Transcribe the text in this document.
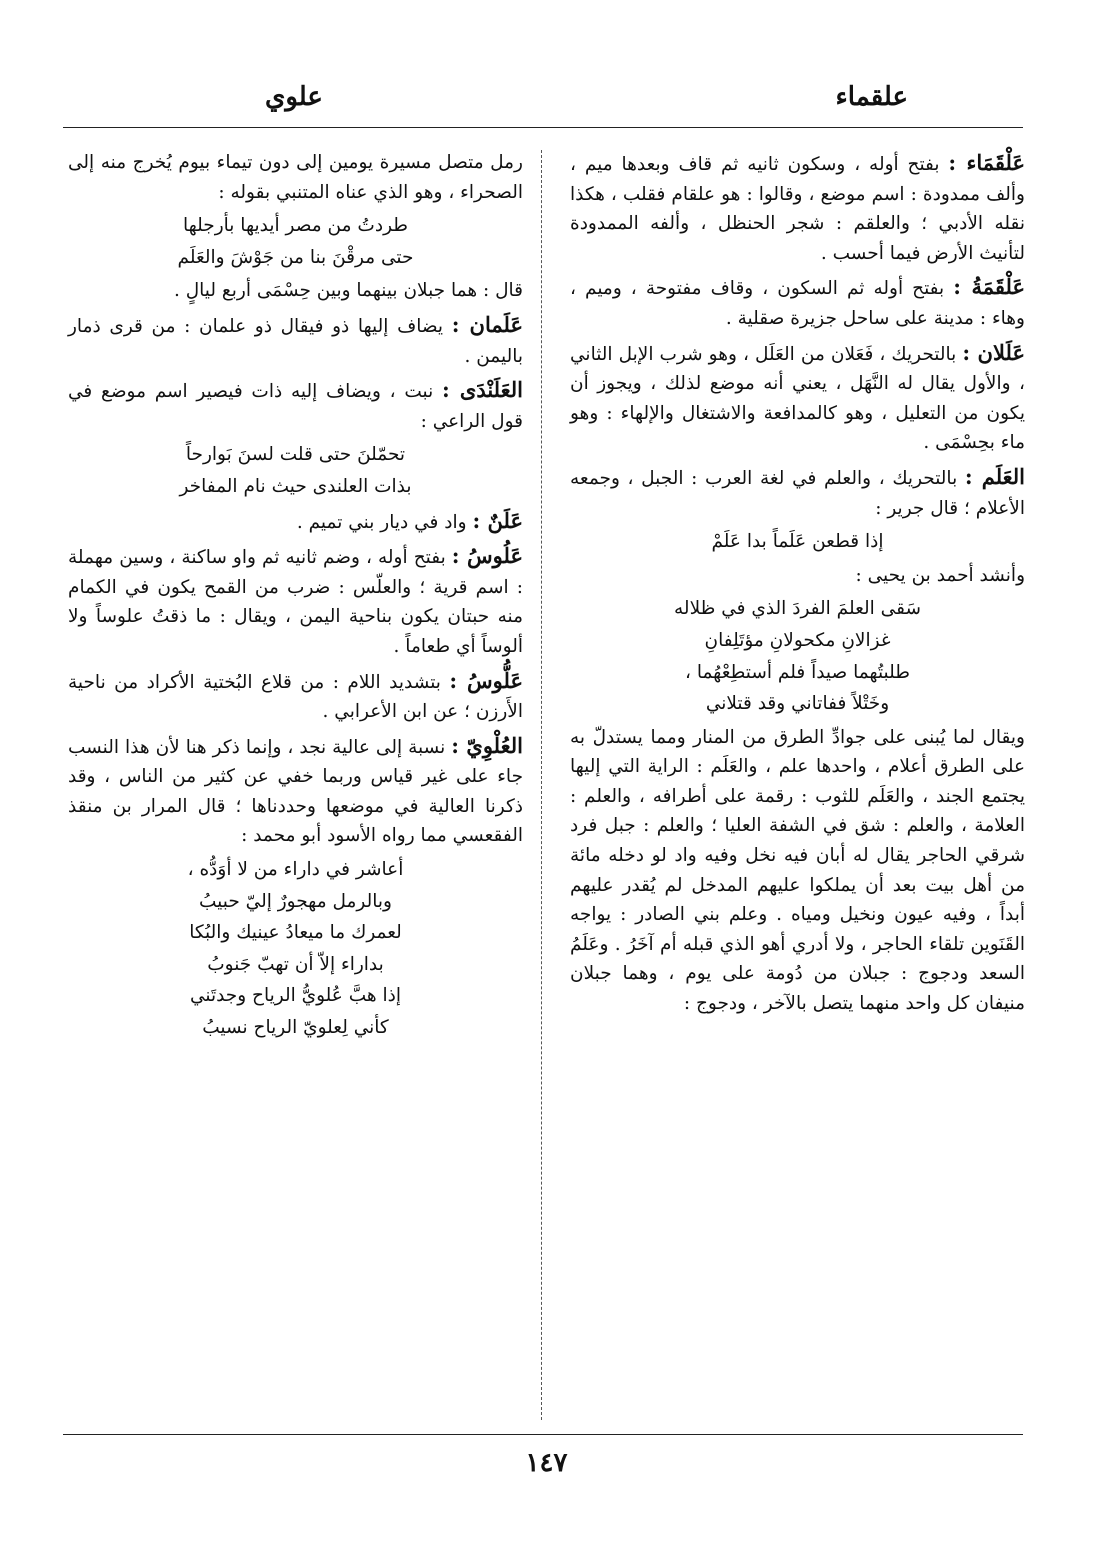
علقماء
علوي

عَلْقَمَاء : بفتح أوله ، وسكون ثانيه ثم قاف وبعدها ميم ، وألف ممدودة : اسم موضع ، وقالوا : هو علقام فقلب ، هكذا نقله الأدبي ؛ والعلقم : شجر الحنظل ، وألفه الممدودة لتأنيث الأرض فيما أحسب .

عَلْقَمَةُ : بفتح أوله ثم السكون ، وقاف مفتوحة ، وميم ، وهاء : مدينة على ساحل جزيرة صقلية .

عَلَلان : بالتحريك ، فَعَلان من العَلَل ، وهو شرب الإبل الثاني ، والأول يقال له النَّهَل ، يعني أنه موضع لذلك ، ويجوز أن يكون من التعليل ، وهو كالمدافعة والاشتغال والإلهاء : وهو ماء بحِسْمَى .

العَلَم : بالتحريك ، والعلم في لغة العرب : الجبل ، وجمعه الأعلام ؛ قال جرير :

إذا قطعن عَلَماً بدا عَلَمْ

وأنشد أحمد بن يحيى :

سَقى العلمَ الفردَ الذي في ظلاله
غزالانِ مكحولانِ مؤتَلِفانِ
طلبتُهما صيداً فلم أستطِعْهُما ،
وخَتْلاً ففاتاني وقد قتلاني

ويقال لما يُبنى على جوادِّ الطرق من المنار ومما يستدلّ به على الطرق أعلام ، واحدها علم ، والعَلَم : الراية التي إليها يجتمع الجند ، والعَلَم للثوب : رقمة على أطرافه ، والعلم : العلامة ، والعلم : شق في الشفة العليا ؛ والعلم : جبل فرد شرقي الحاجر يقال له أبان فيه نخل وفيه واد لو دخله مائة من أهل بيت بعد أن يملكوا عليهم المدخل لم يُقدر عليهم أبداً ، وفيه عيون ونخيل ومياه . وعلم بني الصادر : يواجه القَنَوين تلقاء الحاجر ، ولا أدري أهو الذي قبله أم آخَرُ . وعَلَمُ السعد ودجوج : جبلان من دُومة على يوم ، وهما جبلان منيفان كل واحد منهما يتصل بالآخر ، ودجوج :

رمل متصل مسيرة يومين إلى دون تيماء بيوم يُخرج منه إلى الصحراء ، وهو الذي عناه المتنبي بقوله :

طردتُ من مصر أيديها بأرجلها
حتى مرقْنَ بنا من جَوْشَ والعَلَم

قال : هما جبلان بينهما وبين حِسْمَى أربع ليالٍ .

عَلَمان : يضاف إليها ذو فيقال ذو علمان : من قرى ذمار باليمن .

العَلَنْدَى : نبت ، ويضاف إليه ذات فيصير اسم موضع في قول الراعي :

تحمّلنَ حتى قلت لسنَ بَوارحاً
بذات العلندى حيث نام المفاخر

عَلَنٌ : واد في ديار بني تميم .

عَلُوسُ : بفتح أوله ، وضم ثانيه ثم واو ساكنة ، وسين مهملة : اسم قرية ؛ والعلّس : ضرب من القمح يكون في الكمام منه حبتان يكون بناحية اليمن ، ويقال : ما ذقتُ علوساً ولا ألوساً أي طعاماً .

عَلُّوسُ : بتشديد اللام : من قلاع البُختية الأكراد من ناحية الأَرزن ؛ عن ابن الأعرابي .

العُلْوِيّ : نسبة إلى عالية نجد ، وإنما ذكر هنا لأن هذا النسب جاء على غير قياس وربما خفي عن كثير من الناس ، وقد ذكرنا العالية في موضعها وحددناها ؛ قال المرار بن منقذ الفقعسي مما رواه الأسود أبو محمد :

أعاشر في داراء من لا أوَدُّه ،
وبالرمل مهجورٌ إليّ حبيبُ
لعمرك ما ميعادُ عينيك والبُكا
بداراء إلاّ أن تهبّ جَنوبُ
إذا هبَّ عُلويُّ الرياح وجدتَني
كأني لِعلويّ الرياح نسيبُ
١٤٧
